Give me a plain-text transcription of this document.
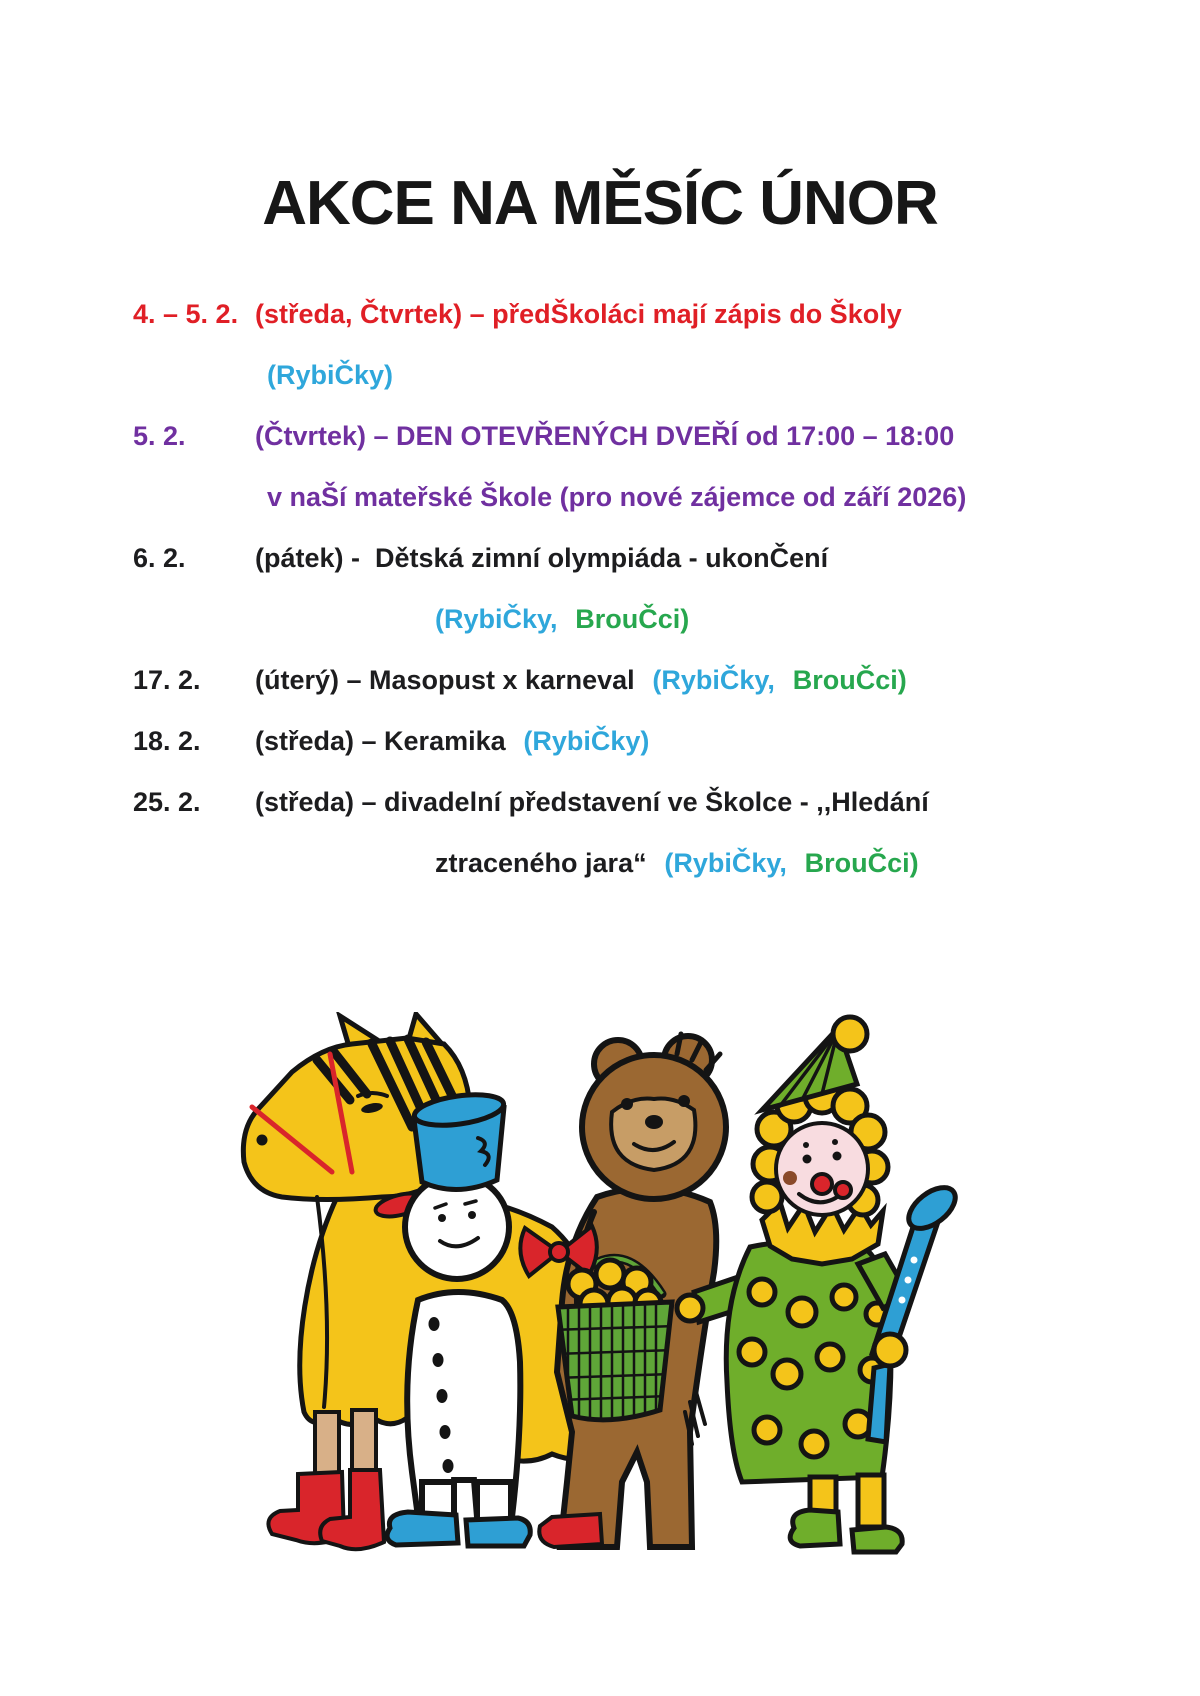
AKCE NA MĚSÍC ÚNOR
4. – 5. 2. (středa, Čtvrtek) – předŠkoláci mají zápis do Školy
(RybiČky)
5. 2.	(Čtvrtek) – DEN OTEVŘENÝCH DVEŘÍ od 17:00 – 18:00
v naŠí mateřské Škole (pro nové zájemce od září 2026)
6. 2.	(pátek) -  Dětská zimní olympiáda - ukonČení
(RybiČky, BrouČci)
17. 2.	(úterý) – Masopust x karneval (RybiČky, BrouČci)
18. 2.	(středa) – Keramika (RybiČky)
25. 2.	(středa) – divadelní představení ve Školce - ,,Hledání
ztraceného jara“ (RybiČky, BrouČci)
